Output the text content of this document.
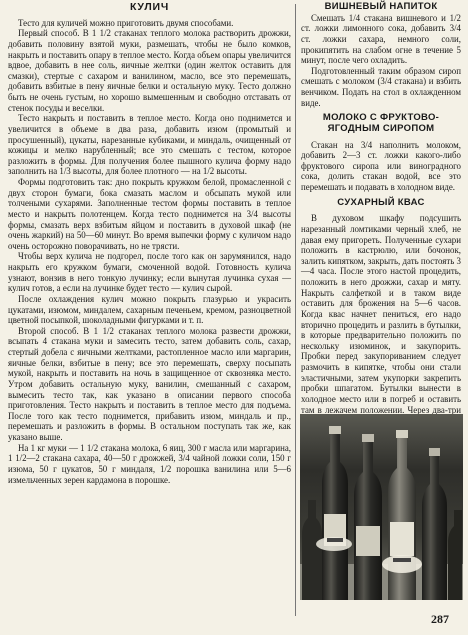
КУЛИЧ

Тесто для куличей можно приготовить двумя способами.

Первый способ. В 1 1/2 стаканах теплого молока растворить дрожжи, добавить половину взятой муки, размешать, чтобы не было комков, накрыть и поставить опару в теплое место. Когда объем опары увеличится вдвое, добавить в нее соль, яичные желтки (один желток оставить для смазки), стертые с сахаром и ванилином, масло, все это перемешать, добавить взбитые в пену яичные белки и остальную муку. Тесто должно быть не очень густым, но хорошо вымешенным и свободно отставать от стенок посуды и веселки.

Тесто накрыть и поставить в теплое место. Когда оно поднимется и увеличится в объеме в два раза, добавить изюм (промытый и просушенный), цукаты, нарезанные кубиками, и миндаль, очищенный от кожицы и мелко нарубленный; все это смешать с тестом, которое разложить в формы. Для получения более пышного кулича форму надо заполнить на 1/3 высоты, для более плотного — на 1/2 высоты.

Формы подготовить так: дно покрыть кружком белой, промасленной с двух сторон бумаги, бока смазать маслом и обсыпать мукой или толчеными сухарями. Заполненные тестом формы поставить в теплое место и накрыть полотенцем. Когда тесто поднимется на 3/4 высоты формы, смазать верх взбитым яйцом и поставить в духовой шкаф (не очень жаркий) на 50—60 минут. Во время выпечки форму с куличом надо очень осторожно поворачивать, но не трясти.

Чтобы верх кулича не подгорел, после того как он зарумянился, надо накрыть его кружком бумаги, смоченной водой. Готовность кулича узнают, вонзив в него тонкую лучинку; если вынутая лучинка сухая — кулич готов, а если на лучинке будет тесто — кулич сырой.

После охлаждения кулич можно покрыть глазурью и украсить цукатами, изюмом, миндалем, сахарным печеньем, кремом, разноцветной цветной посыпкой, шоколадными фигурками и т. п.

Второй способ. В 1 1/2 стаканах теплого молока развести дрожжи, всыпать 4 стакана муки и замесить тесто, затем добавить соль, сахар, стертый добела с яичными желтками, растопленное масло или маргарин, яичные белки, взбитые в пену; все это перемешать, сверху посыпать мукой, накрыть и поставить на ночь в защищенное от сквозняка место. Утром добавить остальную муку, ванилин, смешанный с сахаром, вымесить тесто так, как указано в описании первого способа приготовления. Тесто накрыть и поставить в теплое место для подъема. После того как тесто поднимется, прибавить изюм, миндаль и пр., перемешать и разложить в формы. В остальном поступать так же, как указано выше.

На 1 кг муки — 1 1/2 стакана молока, 6 яиц, 300 г масла или маргарина, 1 1/2—2 стакана сахара, 40—50 г дрожжей, 3/4 чайной ложки соли, 150 г изюма, 50 г цукатов, 50 г миндаля, 1/2 порошка ванилина или 5—6 измельченных зерен кардамона в порошке.

ВИШНЕВЫЙ НАПИТОК

Смешать 1/4 стакана вишневого и 1/2 ст. ложки лимонного сока, добавить 3/4 ст. ложки сахара, немного соли, прокипятить на слабом огне в течение 5 минут, после чего охладить.

Подготовленный таким образом сироп смешать с молоком (3/4 стакана) и взбить венчиком. Подать на стол в охлажденном виде.

МОЛОКО С ФРУКТОВО-ЯГОДНЫМ СИРОПОМ

Стакан на 3/4 наполнить молоком, добавить 2—3 ст. ложки какого-либо фруктового сиропа или виноградного сока, долить стакан водой, все это перемешать и подавать в холодном виде.

СУХАРНЫЙ КВАС

В духовом шкафу подсушить нарезанный ломтиками черный хлеб, не давая ему пригореть. Полученные сухари положить в кастрюлю, или бочонок, залить кипятком, закрыть, дать постоять 3—4 часа. После этого настой процедить, положить в него дрожжи, сахар и мяту. Накрыть салфеткой и в таком виде оставить для брожения на 5—6 часов. Когда квас начнет пениться, его надо вторично процедить и разлить в бутылки, в которые предварительно положить по нескольку изюминок, и закупорить. Пробки перед закупориванием следует размочить в кипятке, чтобы они стали эластичными, затем укупорки закрепить пробки шпагатом. Бутылки вынести в холодное место или в погреб и оставить там в лежачем положении. Через два-три

287
